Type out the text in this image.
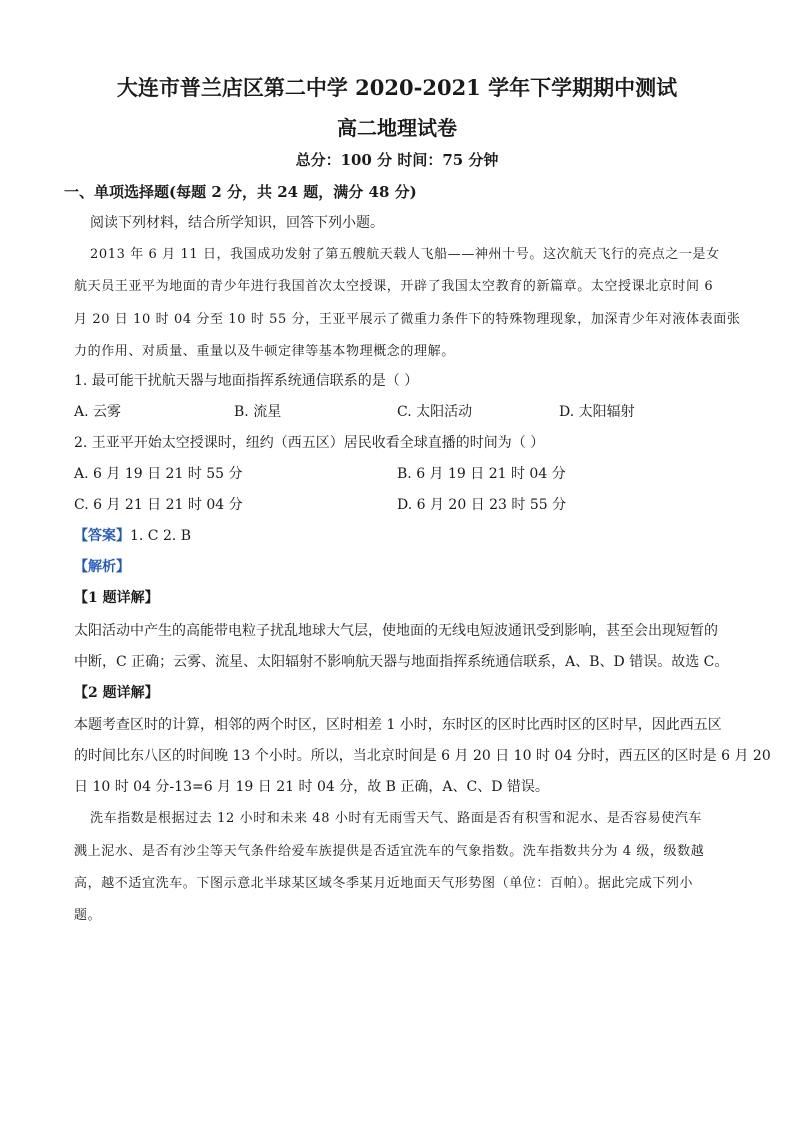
大连市普兰店区第二中学 2020-2021 学年下学期期中测试
高二地理试卷
总分：100 分 时间：75 分钟
一、单项选择题(每题 2 分，共 24 题，满分 48 分)
阅读下列材料，结合所学知识，回答下列小题。
2013 年 6 月 11 日，我国成功发射了第五艘航天载人飞船——神州十号。这次航天飞行的亮点之一是女
航天员王亚平为地面的青少年进行我国首次太空授课，开辟了我国太空教育的新篇章。太空授课北京时间 6
月 20 日 10 时 04 分至 10 时 55 分，王亚平展示了微重力条件下的特殊物理现象，加深青少年对液体表面张
力的作用、对质量、重量以及牛顿定律等基本物理概念的理解。
1. 最可能干扰航天器与地面指挥系统通信联系的是（ ）
A. 云雾	B. 流星	C. 太阳活动	D. 太阳辐射
2. 王亚平开始太空授课时，纽约（西五区）居民收看全球直播的时间为（ ）
A. 6 月 19 日 21 时 55 分	B. 6 月 19 日 21 时 04 分
C. 6 月 21 日 21 时 04 分	D. 6 月 20 日 23 时 55 分
【答案】1. C 2. B
【解析】
【1 题详解】
太阳活动中产生的高能带电粒子扰乱地球大气层，使地面的无线电短波通讯受到影响，甚至会出现短暂的
中断，C 正确；云雾、流星、太阳辐射不影响航天器与地面指挥系统通信联系，A、B、D 错误。故选 C。
【2 题详解】
本题考查区时的计算，相邻的两个时区，区时相差 1 小时，东时区的区时比西时区的区时早，因此西五区
的时间比东八区的时间晚 13 个小时。所以，当北京时间是 6 月 20 日 10 时 04 分时，西五区的区时是 6 月 20
日 10 时 04 分-13=6 月 19 日 21 时 04 分，故 B 正确，A、C、D 错误。
洗车指数是根据过去 12 小时和未来 48 小时有无雨雪天气、路面是否有积雪和泥水、是否容易使汽车
溅上泥水、是否有沙尘等天气条件给爱车族提供是否适宜洗车的气象指数。洗车指数共分为 4 级，级数越
高，越不适宜洗车。下图示意北半球某区域冬季某月近地面天气形势图（单位：百帕）。据此完成下列小
题。
